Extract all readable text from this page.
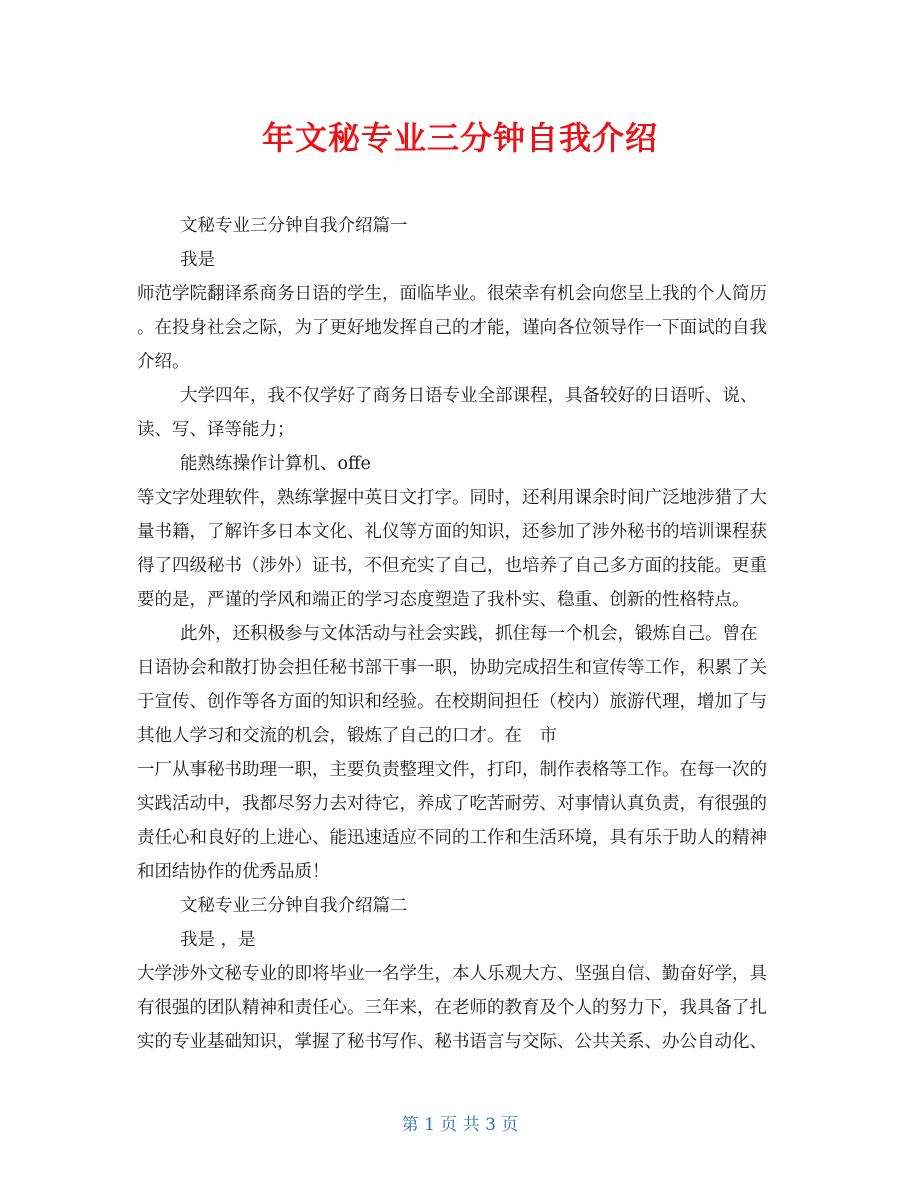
年文秘专业三分钟自我介绍
文秘专业三分钟自我介绍篇一
我是
师范学院翻译系商务日语的学生，面临毕业。很荣幸有机会向您呈上我的个人简历
。在投身社会之际，为了更好地发挥自己的才能，谨向各位领导作一下面试的自我
介绍。
大学四年，我不仅学好了商务日语专业全部课程，具备较好的日语听、说、
读、写、译等能力；
能熟练操作计算机、offe
等文字处理软件，熟练掌握中英日文打字。同时，还利用课余时间广泛地涉猎了大
量书籍，了解许多日本文化、礼仪等方面的知识，还参加了涉外秘书的培训课程获
得了四级秘书（涉外）证书，不但充实了自己，也培养了自己多方面的技能。更重
要的是，严谨的学风和端正的学习态度塑造了我朴实、稳重、创新的性格特点。
此外，还积极参与文体活动与社会实践，抓住每一个机会，锻炼自己。曾在
日语协会和散打协会担任秘书部干事一职，协助完成招生和宣传等工作，积累了关
于宣传、创作等各方面的知识和经验。在校期间担任（校内）旅游代理，增加了与
其他人学习和交流的机会，锻炼了自己的口才。在　市
一厂从事秘书助理一职，主要负责整理文件，打印，制作表格等工作。在每一次的
实践活动中，我都尽努力去对待它，养成了吃苦耐劳、对事情认真负责，有很强的
责任心和良好的上进心、能迅速适应不同的工作和生活环境，具有乐于助人的精神
和团结协作的优秀品质！
文秘专业三分钟自我介绍篇二
我是 ，是
大学涉外文秘专业的即将毕业一名学生，本人乐观大方、坚强自信、勤奋好学，具
有很强的团队精神和责任心。三年来，在老师的教育及个人的努力下，我具备了扎
实的专业基础知识，掌握了秘书写作、秘书语言与交际、公共关系、办公自动化、
第 1 页 共 3 页
